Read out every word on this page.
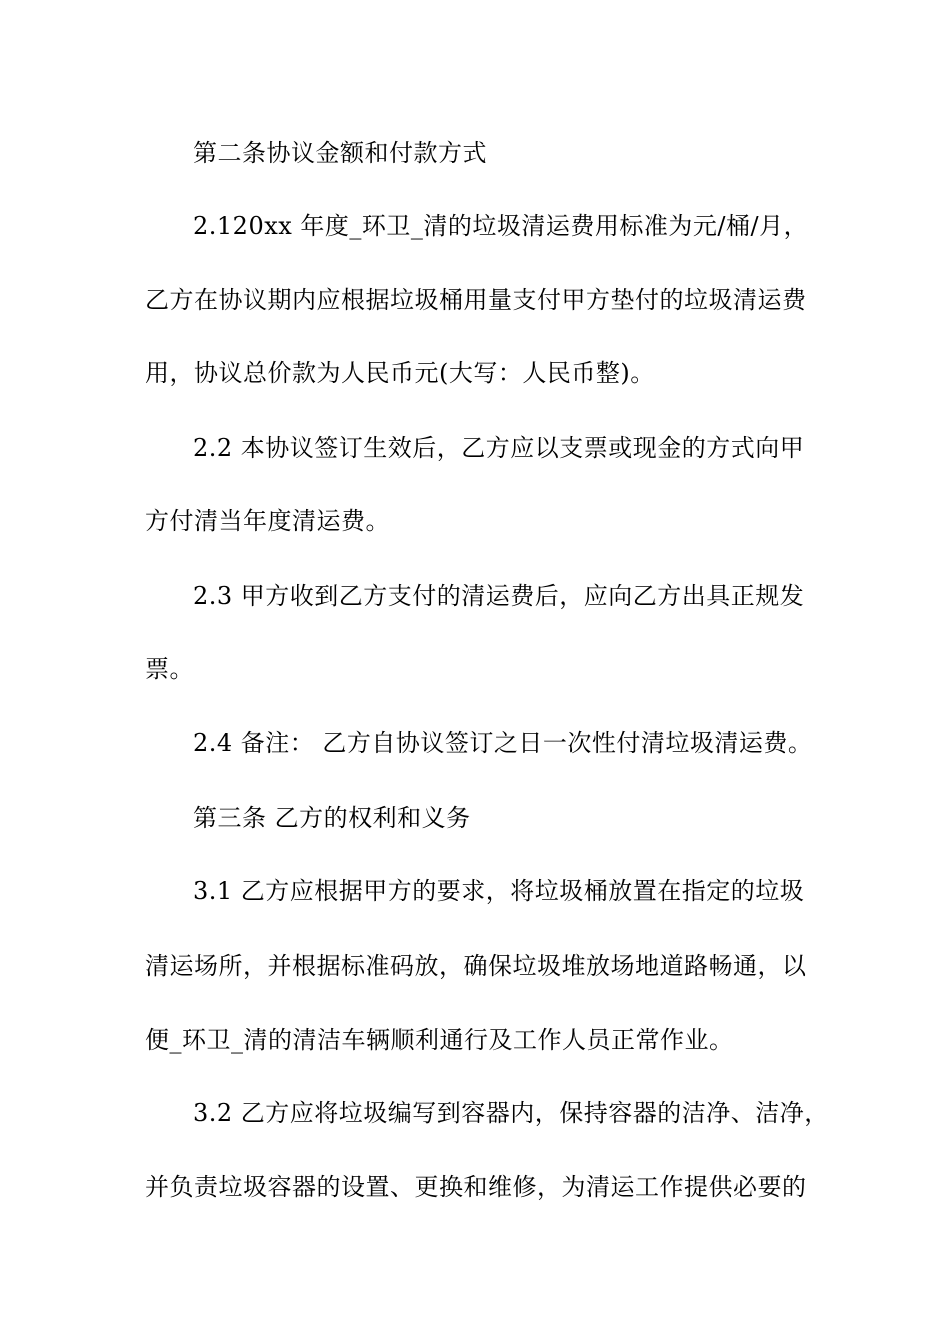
第二条协议金额和付款方式
2.120xx 年度_环卫_清的垃圾清运费用标准为元/桶/月，
乙方在协议期内应根据垃圾桶用量支付甲方垫付的垃圾清运费
用，协议总价款为人民币元(大写：人民币整)。
2.2 本协议签订生效后，乙方应以支票或现金的方式向甲
方付清当年度清运费。
2.3 甲方收到乙方支付的清运费后，应向乙方出具正规发
票。
2.4 备注： 乙方自协议签订之日一次性付清垃圾清运费。
第三条 乙方的权利和义务
3.1 乙方应根据甲方的要求，将垃圾桶放置在指定的垃圾
清运场所，并根据标准码放，确保垃圾堆放场地道路畅通，以
便_环卫_清的清洁车辆顺利通行及工作人员正常作业。
3.2 乙方应将垃圾编写到容器内，保持容器的洁净、洁净，
并负责垃圾容器的设置、更换和维修，为清运工作提供必要的
